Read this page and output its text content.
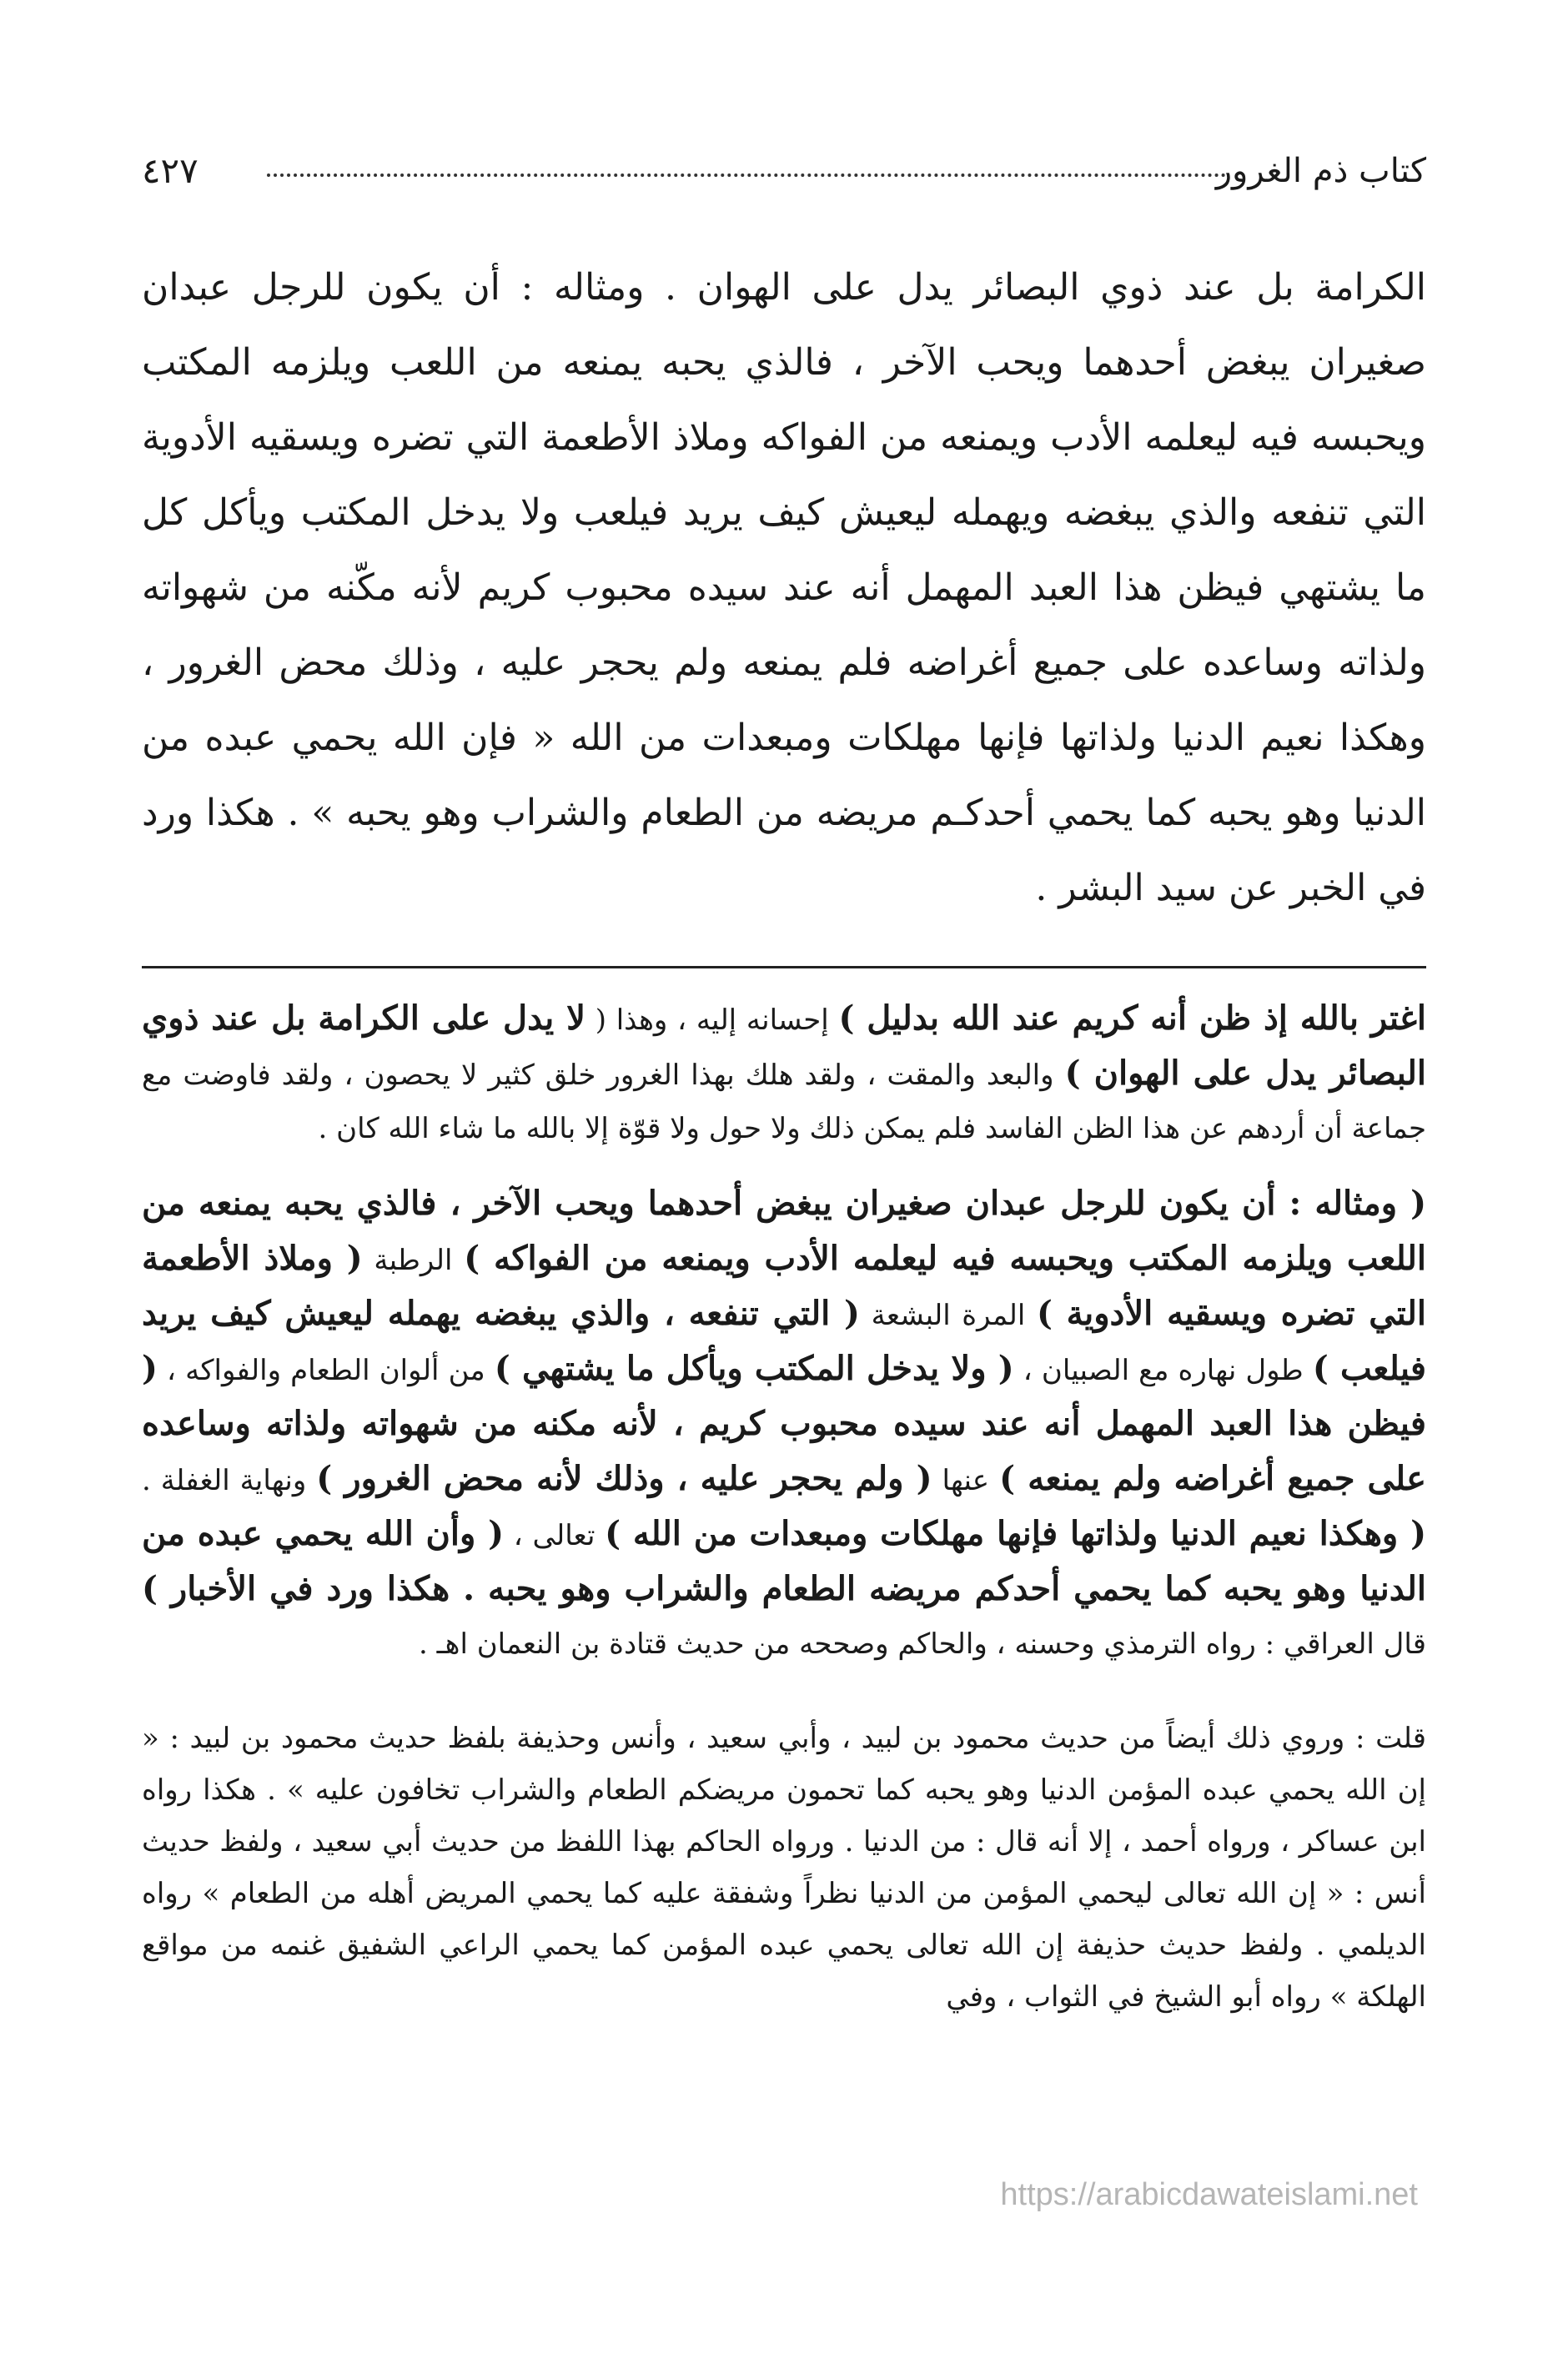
كتاب ذم الغرور
٤٢٧
الكرامة بل عند ذوي البصائر يدل على الهوان . ومثاله : أن يكون للرجل عبدان صغيران يبغض أحدهما ويحب الآخر ، فالذي يحبه يمنعه من اللعب ويلزمه المكتب ويحبسه فيه ليعلمه الأدب ويمنعه من الفواكه وملاذ الأطعمة التي تضره ويسقيه الأدوية التي تنفعه والذي يبغضه ويهمله ليعيش كيف يريد فيلعب ولا يدخل المكتب ويأكل كل ما يشتهي فيظن هذا العبد المهمل أنه عند سيده محبوب كريم لأنه مكّنه من شهواته ولذاته وساعده على جميع أغراضه فلم يمنعه ولم يحجر عليه ، وذلك محض الغرور ، وهكذا نعيم الدنيا ولذاتها فإنها مهلكات ومبعدات من الله « فإن الله يحمي عبده من الدنيا وهو يحبه كما يحمي أحدكـم مريضه من الطعام والشراب وهو يحبه » . هكذا ورد في الخبر عن سيد البشر .

اغتر بالله إذ ظن أنه كريم عند الله بدليل ) إحسانه إليه ، وهذا ( لا يدل على الكرامة بل عند ذوي البصائر يدل على الهوان ) والبعد والمقت ، ولقد هلك بهذا الغرور خلق كثير لا يحصون ، ولقد فاوضت مع جماعة أن أردهم عن هذا الظن الفاسد فلم يمكن ذلك ولا حول ولا قوّة إلا بالله ما شاء الله كان .

( ومثاله : أن يكون للرجل عبدان صغيران يبغض أحدهما ويحب الآخر ، فالذي يحبه يمنعه من اللعب ويلزمه المكتب ويحبسه فيه ليعلمه الأدب ويمنعه من الفواكه ) الرطبة ( وملاذ الأطعمة التي تضره ويسقيه الأدوية ) المرة البشعة ( التي تنفعه ، والذي يبغضه يهمله ليعيش كيف يريد فيلعب ) طول نهاره مع الصبيان ، ( ولا يدخل المكتب ويأكل ما يشتهي ) من ألوان الطعام والفواكه ، ( فيظن هذا العبد المهمل أنه عند سيده محبوب كريم ، لأنه مكنه من شهواته ولذاته وساعده على جميع أغراضه ولم يمنعه ) عنها ( ولم يحجر عليه ، وذلك لأنه محض الغرور ) ونهاية الغفلة . ( وهكذا نعيم الدنيا ولذاتها فإنها مهلكات ومبعدات من الله ) تعالى ، ( وأن الله يحمي عبده من الدنيا وهو يحبه كما يحمي أحدكم مريضه الطعام والشراب وهو يحبه . هكذا ورد في الأخبار ) قال العراقي : رواه الترمذي وحسنه ، والحاكم وصححه من حديث قتادة بن النعمان اهـ .

قلت : وروي ذلك أيضاً من حديث محمود بن لبيد ، وأبي سعيد ، وأنس وحذيفة بلفظ حديث محمود بن لبيد : « إن الله يحمي عبده المؤمن الدنيا وهو يحبه كما تحمون مريضكم الطعام والشراب تخافون عليه » . هكذا رواه ابن عساكر ، ورواه أحمد ، إلا أنه قال : من الدنيا . ورواه الحاكم بهذا اللفظ من حديث أبي سعيد ، ولفظ حديث أنس : « إن الله تعالى ليحمي المؤمن من الدنيا نظراً وشفقة عليه كما يحمي المريض أهله من الطعام » رواه الديلمي . ولفظ حديث حذيفة إن الله تعالى يحمي عبده المؤمن كما يحمي الراعي الشفيق غنمه من مواقع الهلكة » رواه أبو الشيخ في الثواب ، وفي
https://arabicdawateislami.net
